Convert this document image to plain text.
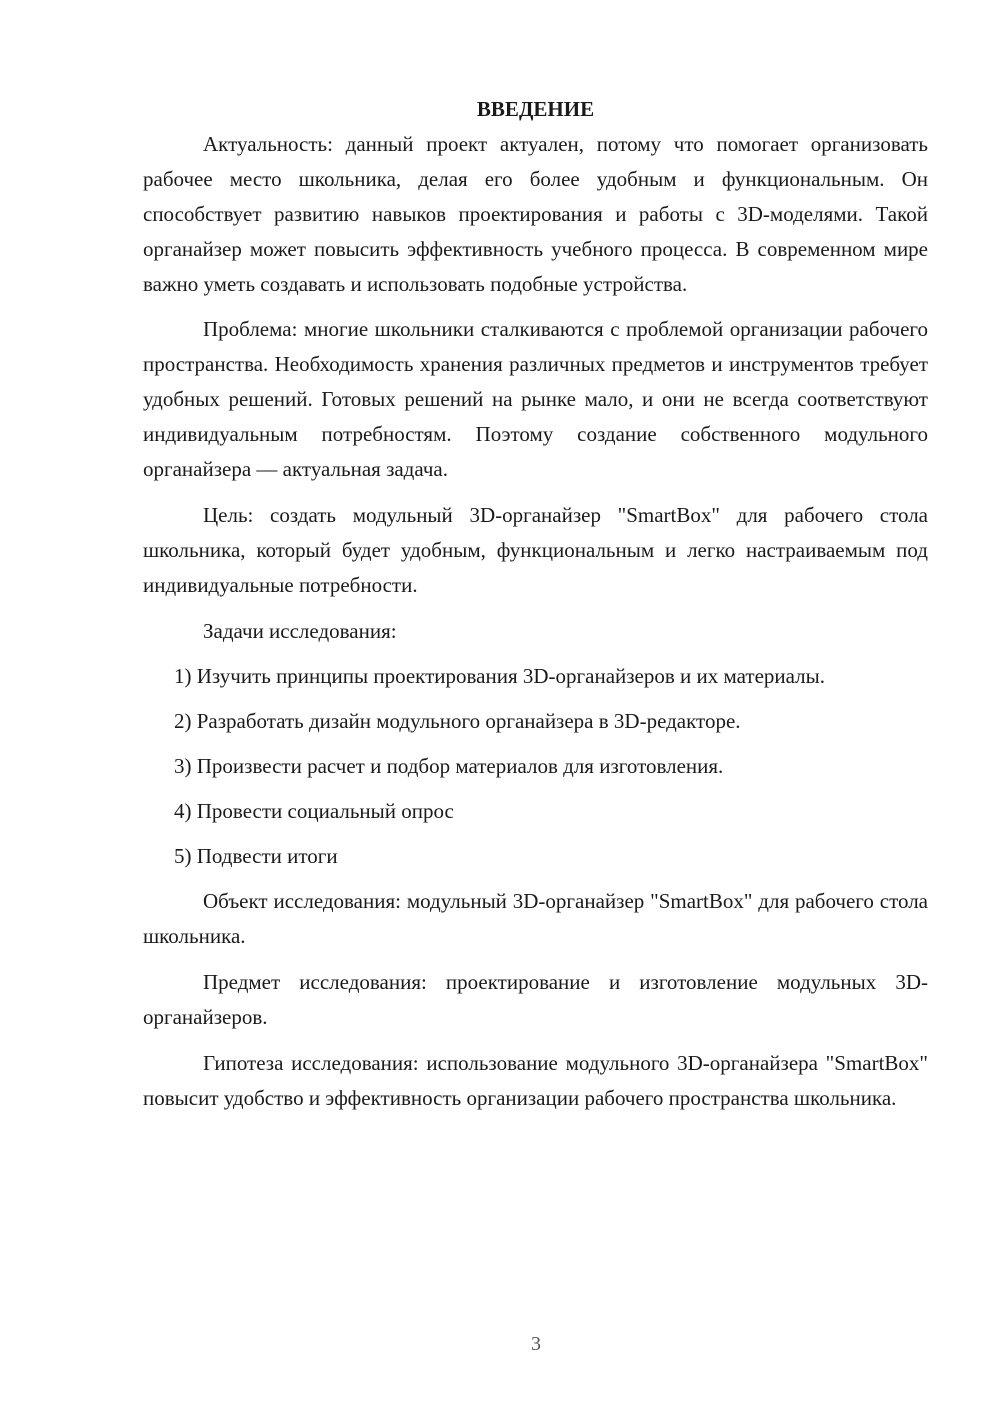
ВВЕДЕНИЕ

Актуальность: данный проект актуален, потому что помогает организовать рабочее место школьника, делая его более удобным и функциональным. Он способствует развитию навыков проектирования и работы с 3D-моделями. Такой органайзер может повысить эффективность учебного процесса. В современном мире важно уметь создавать и использовать подобные устройства.

Проблема: многие школьники сталкиваются с проблемой организации рабочего пространства. Необходимость хранения различных предметов и инструментов требует удобных решений. Готовых решений на рынке мало, и они не всегда соответствуют индивидуальным потребностям. Поэтому создание собственного модульного органайзера — актуальная задача.

Цель: создать модульный 3D-органайзер "SmartBox" для рабочего стола школьника, который будет удобным, функциональным и легко настраиваемым под индивидуальные потребности.

Задачи исследования:

1) Изучить принципы проектирования 3D-органайзеров и их материалы.

2) Разработать дизайн модульного органайзера в 3D-редакторе.

3) Произвести расчет и подбор материалов для изготовления.

4) Провести социальный опрос

5) Подвести итоги

Объект исследования: модульный 3D-органайзер "SmartBox" для рабочего стола школьника.

Предмет исследования: проектирование и изготовление модульных 3D-органайзеров.

Гипотеза исследования: использование модульного 3D-органайзера "SmartBox" повысит удобство и эффективность организации рабочего пространства школьника.

3
